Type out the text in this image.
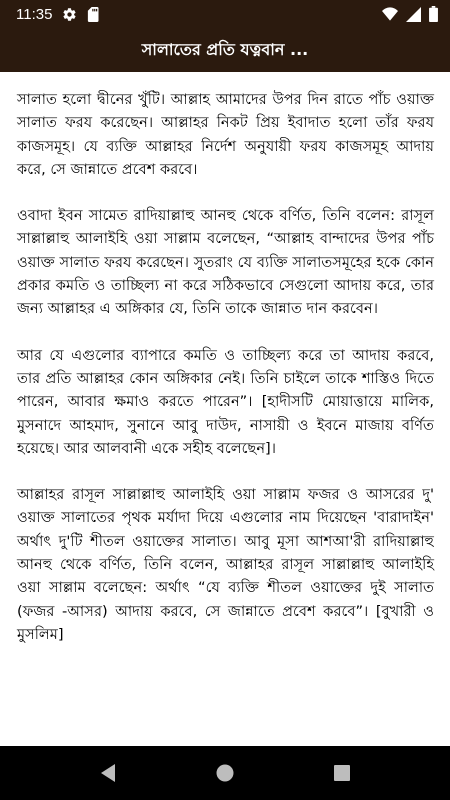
11:35
সালাতের প্রতি যত্নবান ...

সালাত হলো দ্বীনের খুঁটি। আল্লাহ আমাদের উপর দিন রাতে পাঁচ ওয়াক্ত সালাত ফরয করেছেন। আল্লাহর নিকট প্রিয় ইবাদাত হলো তাঁর ফরয কাজসমূহ। যে ব্যক্তি আল্লাহর নির্দেশ অনুযায়ী ফরয কাজসমূহ আদায় করে, সে জান্নাতে প্রবেশ করবে।

ওবাদা ইবন সামেত রাদিয়াল্লাহু আনহু থেকে বর্ণিত, তিনি বলেন: রাসূল সাল্লাল্লাহু আলাইহি ওয়া সাল্লাম বলেছেন, “আল্লাহ বান্দাদের উপর পাঁচ ওয়াক্ত সালাত ফরয করেছেন। সুতরাং যে ব্যক্তি সালাতসমূহের হকে কোন প্রকার কমতি ও তাচ্ছিল্য না করে সঠিকভাবে সেগুলো আদায় করে, তার জন্য আল্লাহর এ অঙ্গিকার যে, তিনি তাকে জান্নাত দান করবেন।

আর যে এগুলোর ব্যাপারে কমতি ও তাচ্ছিল্য করে তা আদায় করবে, তার প্রতি আল্লাহর কোন অঙ্গিকার নেই। তিনি চাইলে তাকে শাস্তিও দিতে পারেন, আবার ক্ষমাও করতে পারেন”। [হাদীসটি মোয়াত্তায়ে মালিক, মুসনাদে আহমাদ, সুনানে আবু দাউদ, নাসায়ী ও ইবনে মাজায় বর্ণিত হয়েছে। আর আলবানী একে সহীহ বলেছেন]।

আল্লাহর রাসূল সাল্লাল্লাহু আলাইহি ওয়া সাল্লাম ফজর ও আসরের দু' ওয়াক্ত সালাতের পৃথক মর্যাদা দিয়ে এগুলোর নাম দিয়েছেন 'বারাদাইন' অর্থাৎ দু'টি শীতল ওয়াক্তের সালাত। আবু মূসা আশআ'রী রাদিয়াল্লাহু আনহু থেকে বর্ণিত, তিনি বলেন, আল্লাহর রাসূল সাল্লাল্লাহু আলাইহি ওয়া সাল্লাম বলেছেন: অর্থাৎ “যে ব্যক্তি শীতল ওয়াক্তের দুই সালাত (ফজর -আসর) আদায় করবে, সে জান্নাতে প্রবেশ করবে”। [বুখারী ও মুসলিম]
